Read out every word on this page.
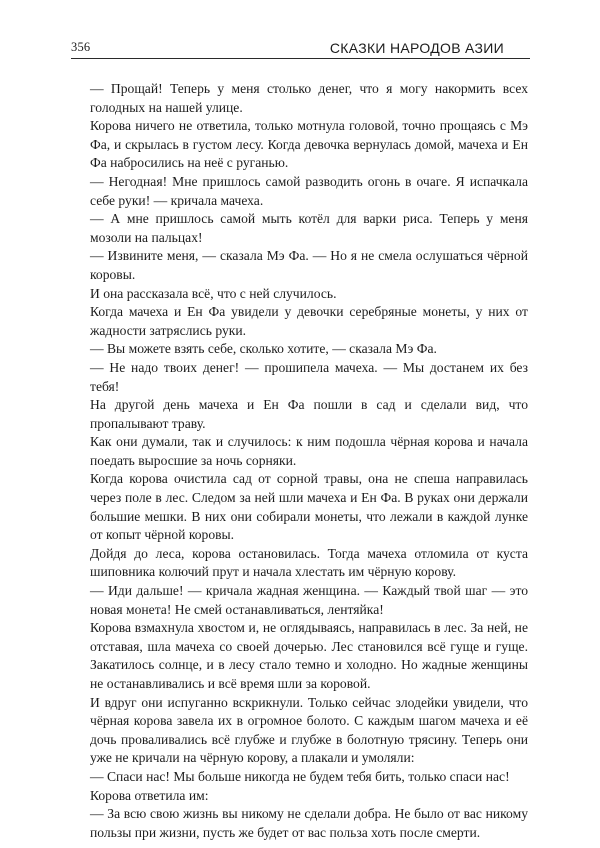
356	СКАЗКИ НАРОДОВ АЗИИ

— Прощай! Теперь у меня столько денег, что я могу накормить всех голодных на нашей улице.

Корова ничего не ответила, только мотнула головой, точно прощаясь с Мэ Фа, и скрылась в густом лесу. Когда девочка вернулась домой, мачеха и Ен Фа набросились на неё с руганью.

— Негодная! Мне пришлось самой разводить огонь в очаге. Я испачкала себе руки! — кричала мачеха.

— А мне пришлось самой мыть котёл для варки риса. Теперь у меня мозоли на пальцах!

— Извините меня, — сказала Мэ Фа. — Но я не смела ослушаться чёрной коровы.

И она рассказала всё, что с ней случилось.

Когда мачеха и Ен Фа увидели у девочки серебряные монеты, у них от жадности затряслись руки.

— Вы можете взять себе, сколько хотите, — сказала Мэ Фа.

— Не надо твоих денег! — прошипела мачеха. — Мы достанем их без тебя!

На другой день мачеха и Ен Фа пошли в сад и сделали вид, что пропалывают траву.

Как они думали, так и случилось: к ним подошла чёрная корова и начала поедать выросшие за ночь сорняки.

Когда корова очистила сад от сорной травы, она не спеша направилась через поле в лес. Следом за ней шли мачеха и Ен Фа. В руках они держали большие мешки. В них они собирали монеты, что лежали в каждой лунке от копыт чёрной коровы.

Дойдя до леса, корова остановилась. Тогда мачеха отломила от куста шиповника колючий прут и начала хлестать им чёрную корову.

— Иди дальше! — кричала жадная женщина. — Каждый твой шаг — это новая монета! Не смей останавливаться, лентяйка!

Корова взмахнула хвостом и, не оглядываясь, направилась в лес. За ней, не отставая, шла мачеха со своей дочерью. Лес становился всё гуще и гуще. Закатилось солнце, и в лесу стало темно и холодно. Но жадные женщины не останавливались и всё время шли за коровой.

И вдруг они испуганно вскрикнули. Только сейчас злодейки увидели, что чёрная корова завела их в огромное болото. С каждым шагом мачеха и её дочь проваливались всё глубже и глубже в болотную трясину. Теперь они уже не кричали на чёрную корову, а плакали и умоляли:

— Спаси нас! Мы больше никогда не будем тебя бить, только спаси нас!

Корова ответила им:

— За всю свою жизнь вы никому не сделали добра. Не было от вас никому пользы при жизни, пусть же будет от вас польза хоть после смерти.
